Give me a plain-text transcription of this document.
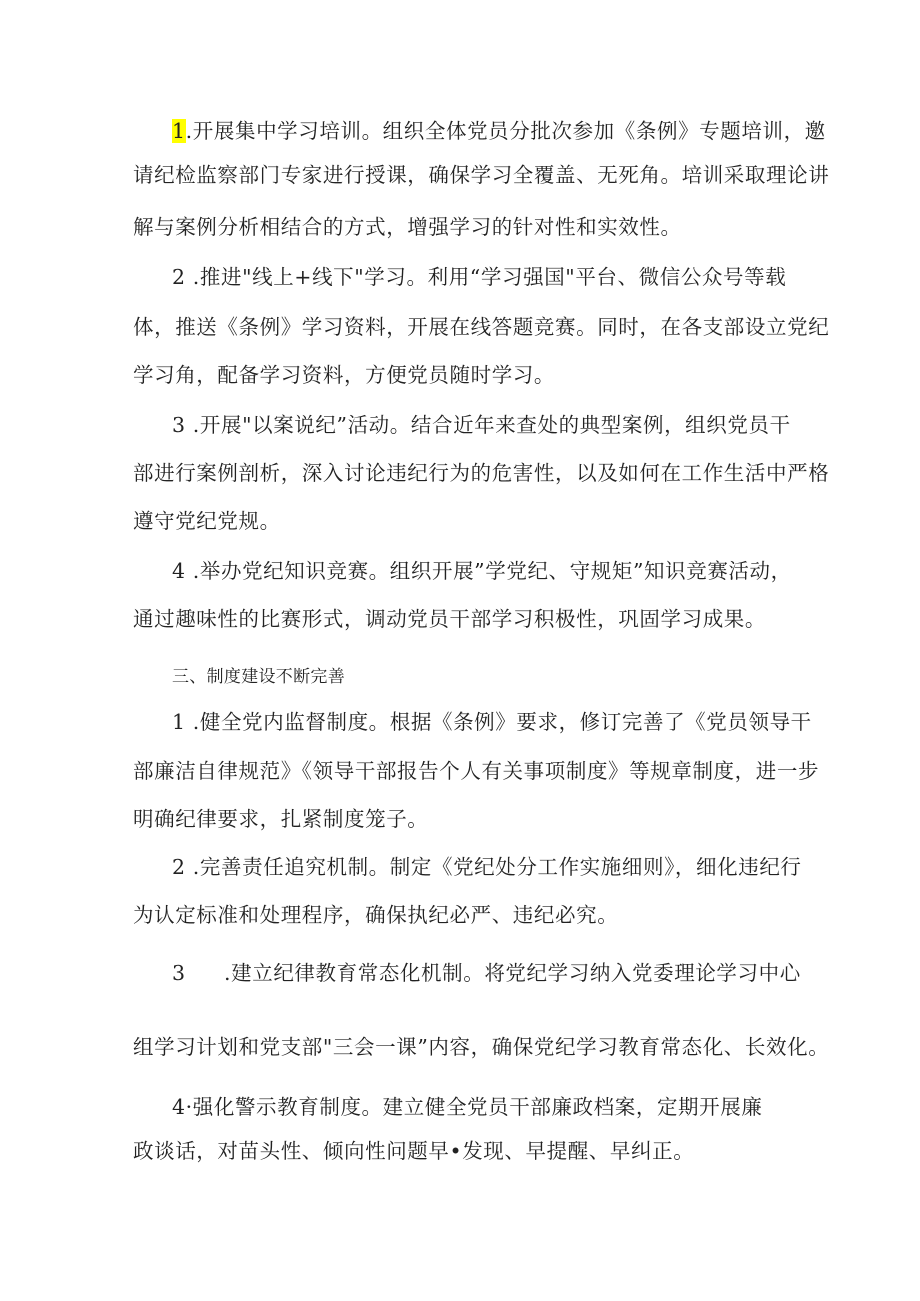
1.开展集中学习培训。组织全体党员分批次参加《条例》专题培训，邀
请纪检监察部门专家进行授课，确保学习全覆盖、无死角。培训采取理论讲
解与案例分析相结合的方式，增强学习的针对性和实效性。
2 .推进"线上+线下"学习。利用“学习强国"平台、微信公众号等载
体，推送《条例》学习资料，开展在线答题竞赛。同时，在各支部设立党纪
学习角，配备学习资料，方便党员随时学习。
3 .开展"以案说纪”活动。结合近年来查处的典型案例，组织党员干
部进行案例剖析，深入讨论违纪行为的危害性，以及如何在工作生活中严格
遵守党纪党规。
4 .举办党纪知识竞赛。组织开展”学党纪、守规矩”知识竞赛活动，
通过趣味性的比赛形式，调动党员干部学习积极性，巩固学习成果。
三、制度建设不断完善
1 .健全党内监督制度。根据《条例》要求，修订完善了《党员领导干
部廉洁自律规范》《领导干部报告个人有关事项制度》等规章制度，进一步
明确纪律要求，扎紧制度笼子。
2 .完善责任追究机制。制定《党纪处分工作实施细则》，细化违纪行
为认定标准和处理程序，确保执纪必严、违纪必究。
3 .建立纪律教育常态化机制。将党纪学习纳入党委理论学习中心
组学习计划和党支部"三会一课”内容，确保党纪学习教育常态化、长效化。
4·强化警示教育制度。建立健全党员干部廉政档案，定期开展廉
政谈话，对苗头性、倾向性问题早•发现、早提醒、早纠正。
